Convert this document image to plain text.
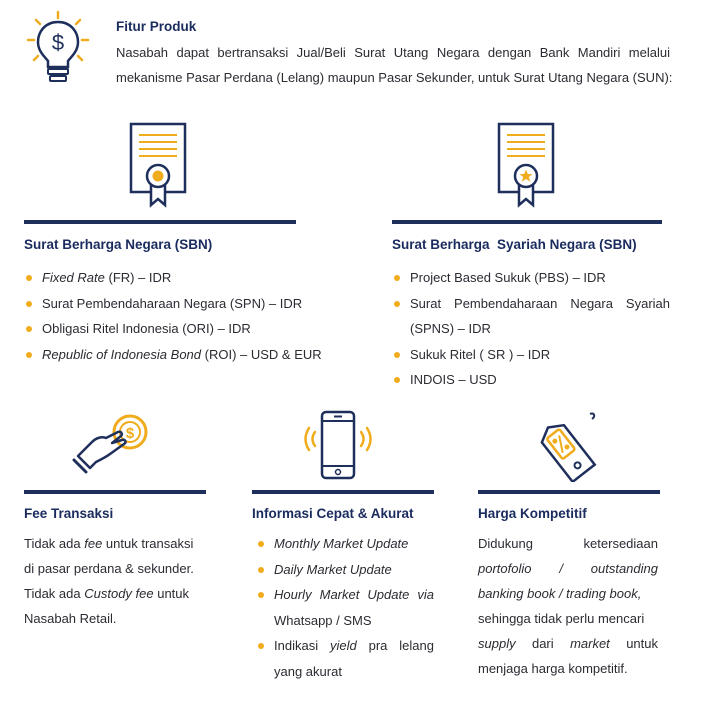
$
Fitur Produk
Nasabah dapat bertransaksi Jual/Beli Surat Utang Negara dengan Bank Mandiri melalui
mekanisme Pasar Perdana (Lelang) maupun Pasar Sekunder, untuk Surat Utang Negara (SUN):
Surat Berharga Negara (SBN)
Fixed Rate (FR) – IDR
Surat Pembendaharaan Negara (SPN) – IDR
Obligasi Ritel Indonesia (ORI) – IDR
Republic of Indonesia Bond (ROI) – USD & EUR
Surat Berharga  Syariah Negara (SBN)
Project Based Sukuk (PBS) – IDR
Surat Pembendaharaan Negara Syariah
(SPNS) – IDR
Sukuk Ritel ( SR ) – IDR
INDOIS – USD
$
Fee Transaksi
Tidak ada fee untuk transaksi
di pasar perdana & sekunder.
Tidak ada Custody fee untuk
Nasabah Retail.
Informasi Cepat & Akurat
Monthly Market Update
Daily Market Update
Hourly Market Update via
Whatsapp / SMS
Indikasi yield pra lelang
yang akurat
Harga Kompetitif
Didukung ketersediaan
portofolio / outstanding
banking book / trading book,
sehingga tidak perlu mencari
supply dari market untuk
menjaga harga kompetitif.
